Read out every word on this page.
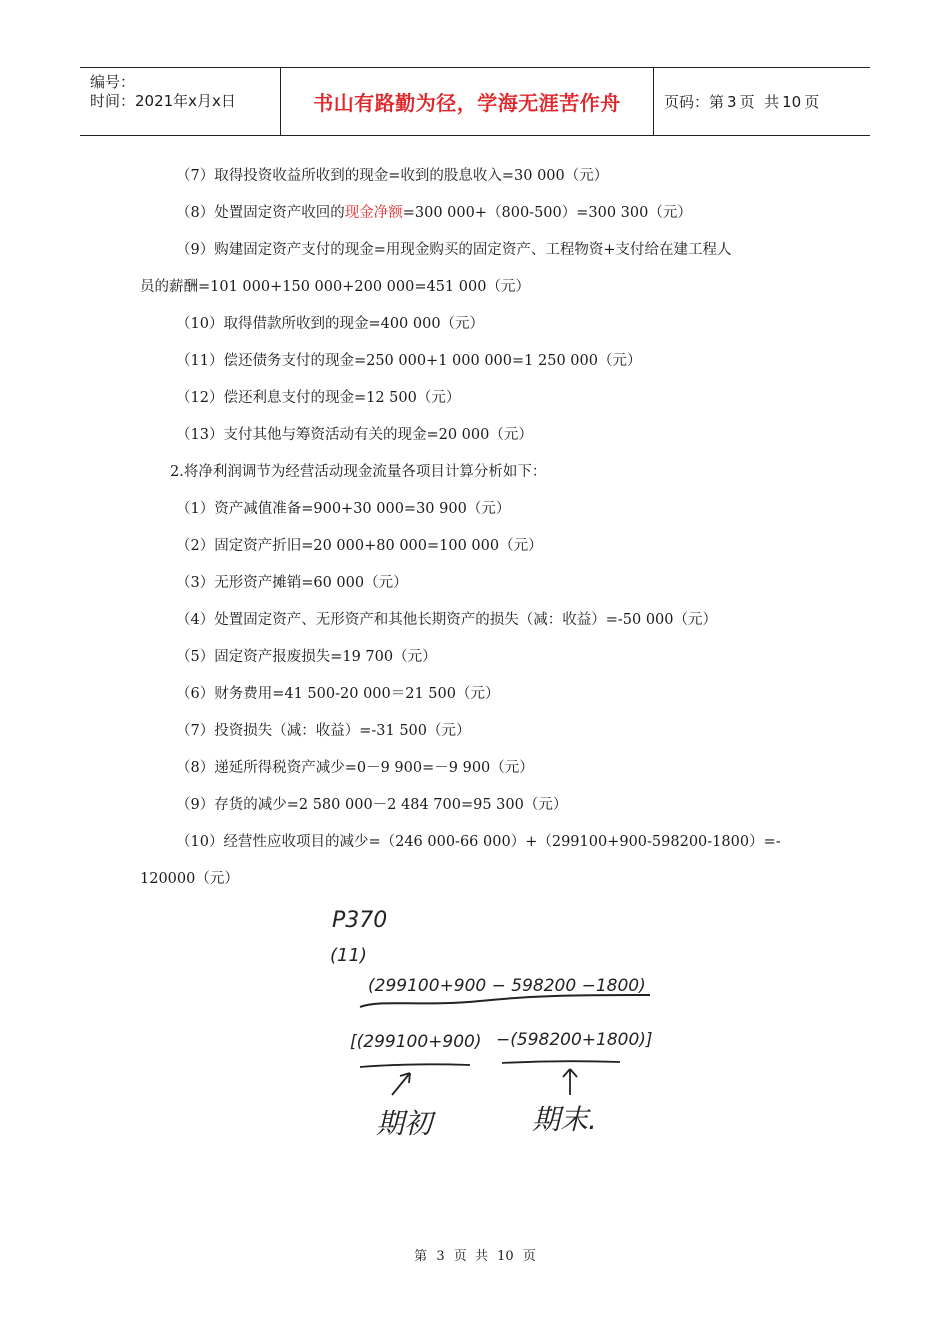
编号：
时间：2021年x月x日	书山有路勤为径，学海无涯苦作舟	页码：第 3 页  共 10 页
（7）取得投资收益所收到的现金=收到的股息收入=30 000（元）
（8）处置固定资产收回的现金净额=300 000+（800-500）=300 300（元）
（9）购建固定资产支付的现金=用现金购买的固定资产、工程物资+支付给在建工程人
员的薪酬=101 000+150 000+200 000=451 000（元）
（10）取得借款所收到的现金=400 000（元）
（11）偿还债务支付的现金=250 000+1 000 000=1 250 000（元）
（12）偿还利息支付的现金=12 500（元）
（13）支付其他与筹资活动有关的现金=20 000（元）
2.将净利润调节为经营活动现金流量各项目计算分析如下：
（1）资产减值准备=900+30 000=30 900（元）
（2）固定资产折旧=20 000+80 000=100 000（元）
（3）无形资产摊销=60 000（元）
（4）处置固定资产、无形资产和其他长期资产的损失（减：收益）=-50 000（元）
（5）固定资产报废损失=19 700（元）
（6）财务费用=41 500-20 000＝21 500（元）
（7）投资损失（减：收益）=-31 500（元）
（8）递延所得税资产减少=0－9 900=－9 900（元）
（9）存货的减少=2 580 000－2 484 700=95 300（元）
（10）经营性应收项目的减少=（246 000-66 000）+（299100+900-598200-1800）=-
120000（元）
P370
(11)
(299100+900 − 598200 −1800)
[(299100+900) −(598200+1800)]
期初	期末.
第 3 页  共 10 页
